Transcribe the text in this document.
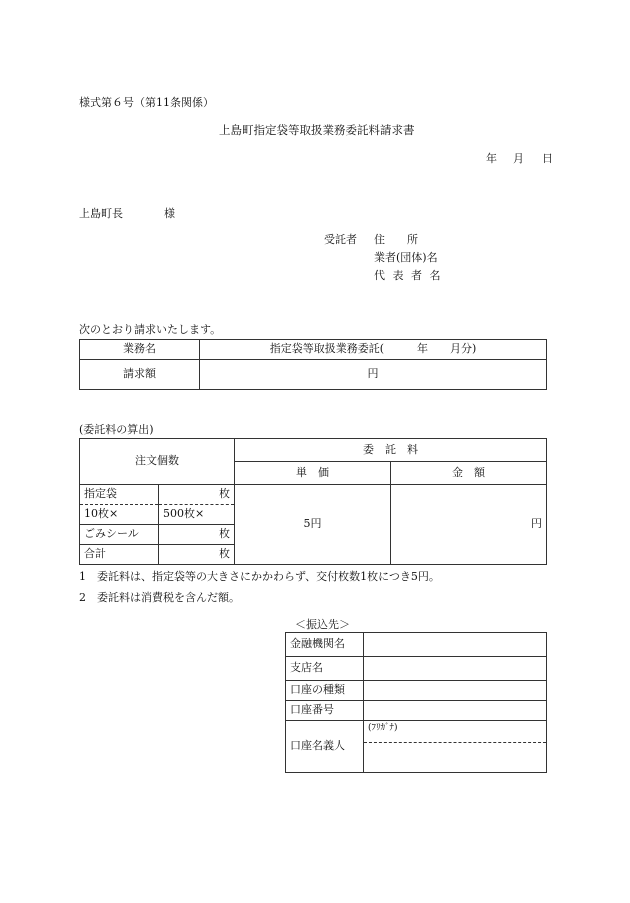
様式第６号（第11条関係）
上島町指定袋等取扱業務委託料請求書
年 月 日
上島町長	様
受託者 住　　所
業者(団体)名
代 表 者 名
次のとおり請求いたします。
業務名	指定袋等取扱業務委託(　　　年　　月分)
請求額	円
(委託料の算出)
注文個数		委　託　料	
		単　価	金　額
指定袋	枚	5円	円
10枚×	500枚×		
ごみシール	枚		
合計	枚		
1　委託料は、指定袋等の大きさにかかわらず、交付枚数1枚につき5円。
2　委託料は消費税を含んだ額。
＜振込先＞
金融機関名	
支店名	
口座の種類	
口座番号	
口座名義人	(ﾌﾘｶﾞﾅ)
